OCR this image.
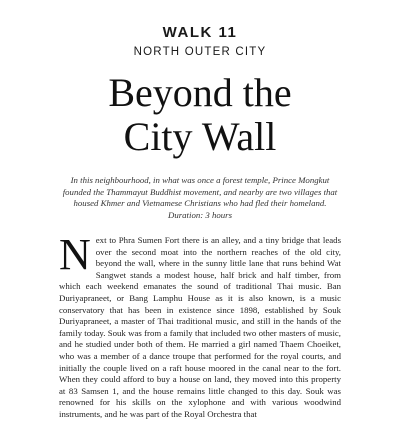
WALK 11
NORTH OUTER CITY
Beyond the
City Wall

In this neighbourhood, in what was once a forest temple, Prince Mongkut founded the Thammayut Buddhist movement, and nearby are two villages that housed Khmer and Vietnamese Christians who had fled their homeland.

Duration: 3 hours

N ext to Phra Sumen Fort there is an alley, and a tiny bridge that leads over the second moat into the northern reaches of the old city, beyond the wall, where in the sunny little lane that runs behind Wat Sangwet stands a modest house, half brick and half timber, from which each weekend emanates the sound of traditional Thai music. Ban Duriyapraneet, or Bang Lamphu House as it is also known, is a music conservatory that has been in existence since 1898, established by Souk Duriyapraneet, a master of Thai traditional music, and still in the hands of the family today. Souk was from a family that included two other masters of music, and he studied under both of them. He married a girl named Thaem Choeiket, who was a member of a dance troupe that performed for the royal courts, and initially the couple lived on a raft house moored in the canal near to the fort. When they could afford to buy a house on land, they moved into this property at 83 Samsen 1, and the house remains little changed to this day. Souk was renowned for his skills on the xylophone and with various woodwind instruments, and he was part of the Royal Orchestra that
